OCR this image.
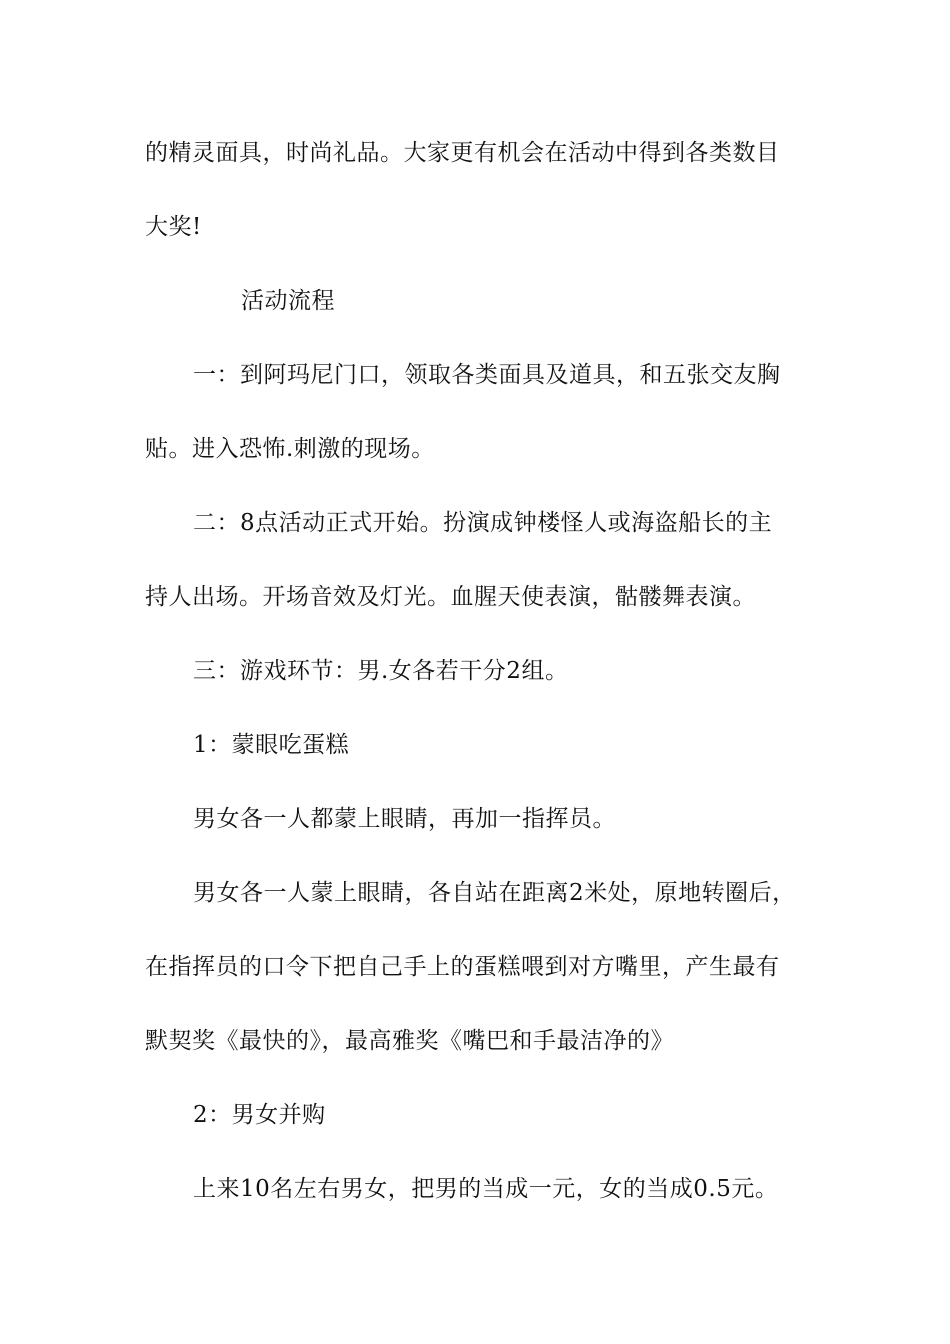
的精灵面具，时尚礼品。大家更有机会在活动中得到各类数目
大奖!
活动流程
一：到阿玛尼门口，领取各类面具及道具，和五张交友胸
贴。进入恐怖.刺激的现场。
二：8点活动正式开始。扮演成钟楼怪人或海盗船长的主
持人出场。开场音效及灯光。血腥天使表演，骷髅舞表演。
三：游戏环节：男.女各若干分2组。
1：蒙眼吃蛋糕
男女各一人都蒙上眼睛，再加一指挥员。
男女各一人蒙上眼睛，各自站在距离2米处，原地转圈后，
在指挥员的口令下把自己手上的蛋糕喂到对方嘴里，产生最有
默契奖《最快的》，最高雅奖《嘴巴和手最洁净的》
2：男女并购
上来10名左右男女，把男的当成一元，女的当成0.5元。
